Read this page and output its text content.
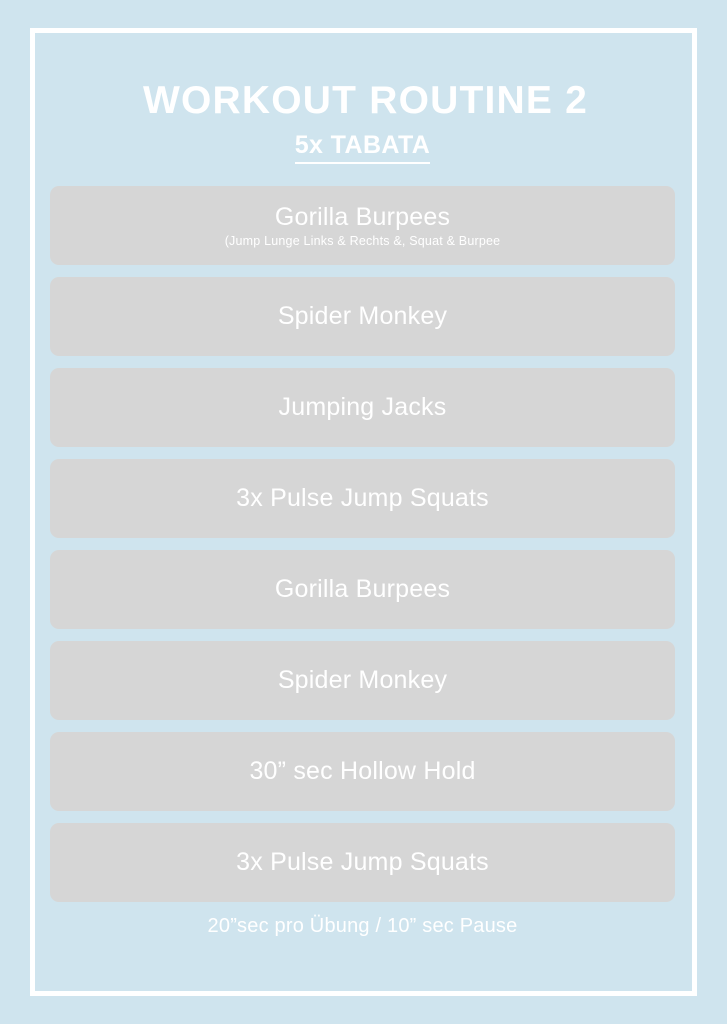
WORKOUT ROUTINE 2
5x TABATA
Gorilla Burpees
(Jump Lunge Links & Rechts &, Squat & Burpee
Spider Monkey
Jumping Jacks
3x Pulse Jump Squats
Gorilla Burpees
Spider Monkey
30” sec Hollow Hold
3x Pulse Jump Squats
20”sec pro Übung / 10” sec Pause
